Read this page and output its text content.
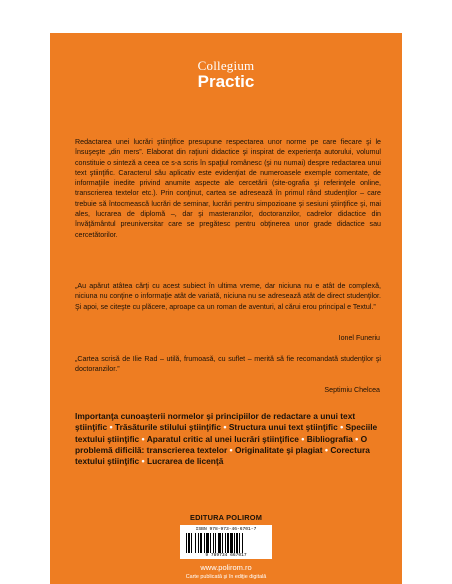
Collegium
Practic

Redactarea unei lucrări ştiinţifice presupune respectarea unor norme pe care fiecare şi le însuşeşte „din mers”. Elaborat din raţiuni didactice şi inspirat de experienţa autorului, volumul constituie o sinteză a ceea ce s-a scris în spaţiul românesc (şi nu numai) despre redactarea unui text ştiinţific. Caracterul său aplicativ este evidenţiat de numeroasele exemple comentate, de informaţiile inedite privind anumite aspecte ale cercetării (site-ografia şi referinţele online, transcrierea textelor etc.). Prin conţinut, cartea se adresează în primul rând studenţilor – care trebuie să întocmească lucrări de seminar, lucrări pentru simpozioane şi sesiuni ştiinţifice şi, mai ales, lucrarea de diplomă –, dar şi masteranzilor, doctoranzilor, cadrelor didactice din învăţământul preuniversitar care se pregătesc pentru obţinerea unor grade didactice sau cercetătorilor.

„Au apărut atâtea cărţi cu acest subiect în ultima vreme, dar niciuna nu e atât de complexă, niciuna nu conţine o informaţie atât de variată, niciuna nu se adresează atât de direct studenţilor. Şi apoi, se citeşte cu plăcere, aproape ca un roman de aventuri, al cărui erou principal e Textul.”

Ionel Funeriu

„Cartea scrisă de Ilie Rad – utilă, frumoasă, cu suflet – merită să fie recomandată studenţilor şi doctoranzilor.”

Septimiu Chelcea

Importanţa cunoaşterii normelor şi principiilor de redactare a unui text ştiinţific • Trăsăturile stilului ştiinţific • Structura unui text ştiinţific • Speciile textului ştiinţific • Aparatul critic al unei lucrări ştiinţifice • Bibliografia • O problemă dificilă: transcrierea textelor • Originalitate şi plagiat • Corectura textului ştiinţific • Lucrarea de licenţă

EDITURA POLIROM
ISBN 978-973-46-6701-7
9 789734 667017
www.polirom.ro
Carte publicată şi în ediţie digitală
